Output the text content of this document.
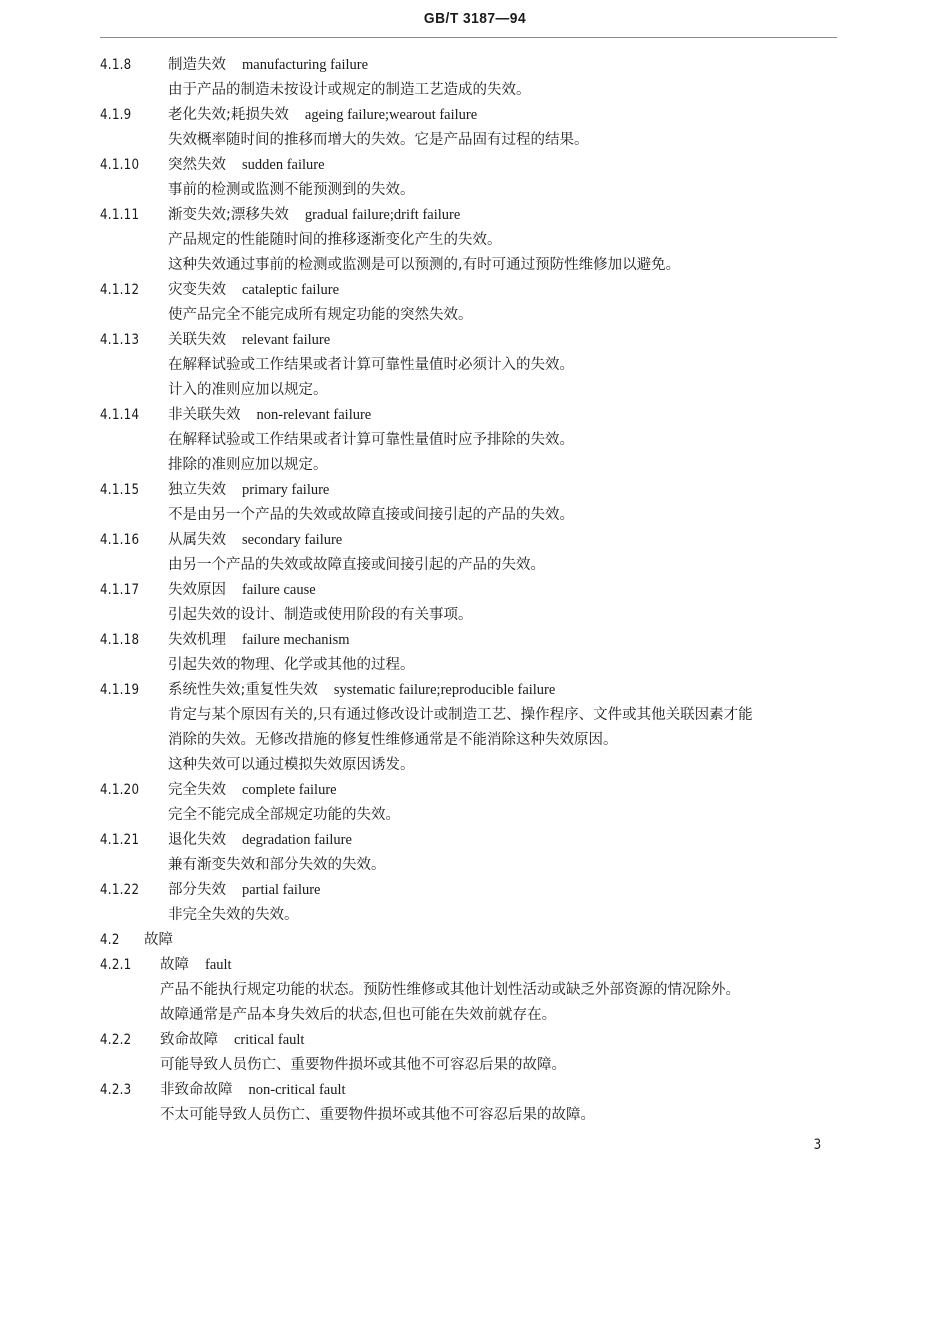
GB/T 3187—94
4.1.8	制造失效 manufacturing failure
由于产品的制造未按设计或规定的制造工艺造成的失效。
4.1.9	老化失效;耗损失效 ageing failure;wearout failure
失效概率随时间的推移而增大的失效。它是产品固有过程的结果。
4.1.10 突然失效 sudden failure
事前的检测或监测不能预测到的失效。
4.1.11 渐变失效;漂移失效 gradual failure;drift failure
产品规定的性能随时间的推移逐渐变化产生的失效。
这种失效通过事前的检测或监测是可以预测的,有时可通过预防性维修加以避免。
4.1.12 灾变失效 cataleptic failure
使产品完全不能完成所有规定功能的突然失效。
4.1.13 关联失效 relevant failure
在解释试验或工作结果或者计算可靠性量值时必须计入的失效。
计入的准则应加以规定。
4.1.14 非关联失效 non-relevant failure
在解释试验或工作结果或者计算可靠性量值时应予排除的失效。
排除的准则应加以规定。
4.1.15 独立失效 primary failure
不是由另一个产品的失效或故障直接或间接引起的产品的失效。
4.1.16 从属失效 secondary failure
由另一个产品的失效或故障直接或间接引起的产品的失效。
4.1.17 失效原因 failure cause
引起失效的设计、制造或使用阶段的有关事项。
4.1.18 失效机理 failure mechanism
引起失效的物理、化学或其他的过程。
4.1.19 系统性失效;重复性失效 systematic failure;reproducible failure
肯定与某个原因有关的,只有通过修改设计或制造工艺、操作程序、文件或其他关联因素才能
消除的失效。无修改措施的修复性维修通常是不能消除这种失效原因。
这种失效可以通过模拟失效原因诱发。
4.1.20 完全失效 complete failure
完全不能完成全部规定功能的失效。
4.1.21 退化失效 degradation failure
兼有渐变失效和部分失效的失效。
4.1.22 部分失效 partial failure
非完全失效的失效。
4.2 故障
4.2.1 故障 fault
产品不能执行规定功能的状态。预防性维修或其他计划性活动或缺乏外部资源的情况除外。
故障通常是产品本身失效后的状态,但也可能在失效前就存在。
4.2.2 致命故障 critical fault
可能导致人员伤亡、重要物件损坏或其他不可容忍后果的故障。
4.2.3 非致命故障 non-critical fault
不太可能导致人员伤亡、重要物件损坏或其他不可容忍后果的故障。
3
